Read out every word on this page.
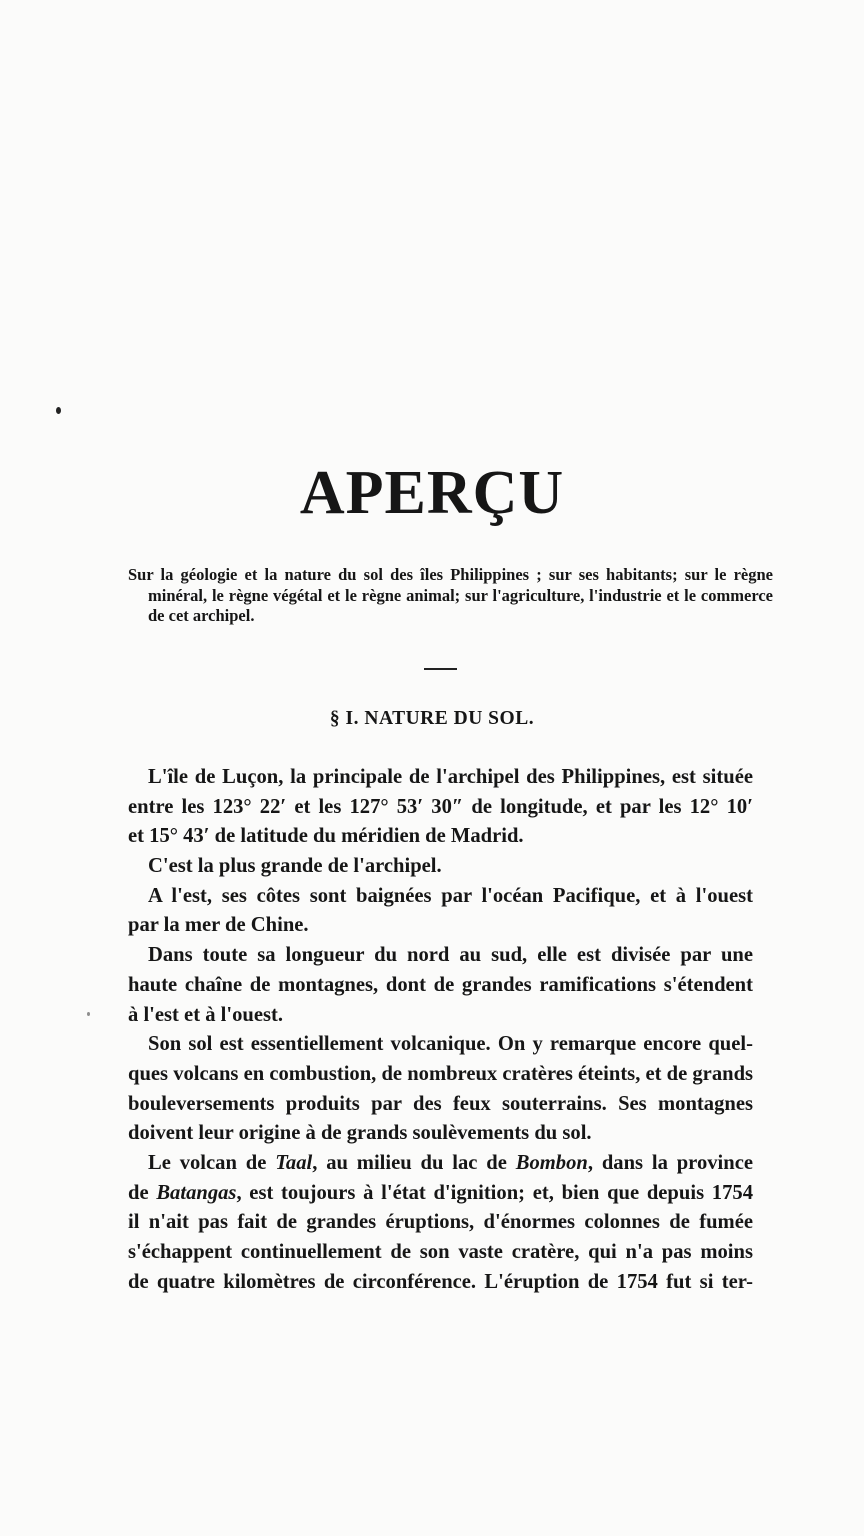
APERÇU
Sur la géologie et la nature du sol des îles Philippines ; sur ses habitants; sur le règne minéral, le règne végétal et le règne animal; sur l'agriculture, l'industrie et le commerce de cet archipel.
§ I. NATURE DU SOL.
L'île de Luçon, la principale de l'archipel des Philippines, est située
entre les 123° 22′ et les 127° 53′ 30″ de longitude, et par les 12° 10′
et 15° 43′ de latitude du méridien de Madrid.
C'est la plus grande de l'archipel.
A l'est, ses côtes sont baignées par l'océan Pacifique, et à l'ouest
par la mer de Chine.
Dans toute sa longueur du nord au sud, elle est divisée par une
haute chaîne de montagnes, dont de grandes ramifications s'étendent
à l'est et à l'ouest.
Son sol est essentiellement volcanique. On y remarque encore quel-
ques volcans en combustion, de nombreux cratères éteints, et de grands
bouleversements produits par des feux souterrains. Ses montagnes
doivent leur origine à de grands soulèvements du sol.
Le volcan de Taal, au milieu du lac de Bombon, dans la province
de Batangas, est toujours à l'état d'ignition; et, bien que depuis 1754
il n'ait pas fait de grandes éruptions, d'énormes colonnes de fumée
s'échappent continuellement de son vaste cratère, qui n'a pas moins
de quatre kilomètres de circonférence. L'éruption de 1754 fut si ter-
